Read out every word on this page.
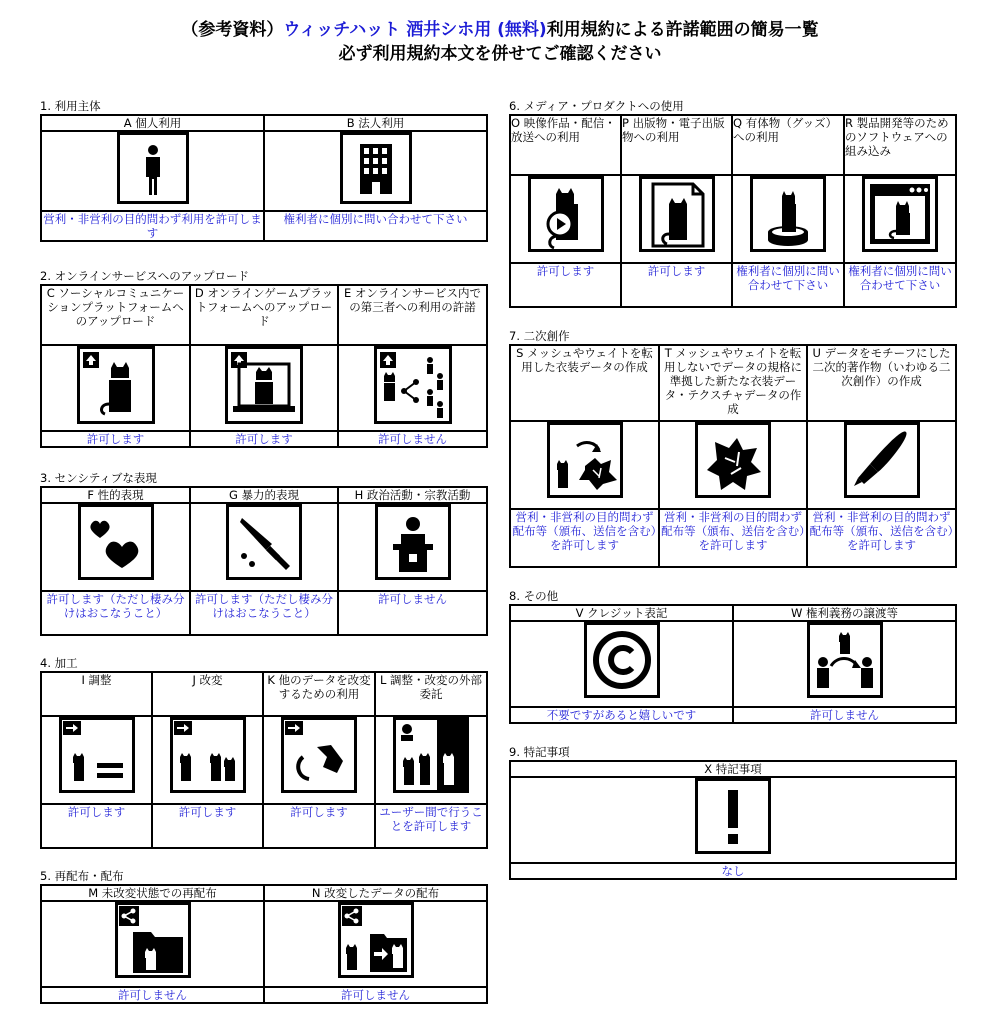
（参考資料）ウィッチハット 酒井シホ用 (無料)利用規約による許諾範囲の簡易一覧
必ず利用規約本文を併せてご確認ください
1. 利用主体
A 個人利用	B 法人利用

営利・非営利の目的問わず利用を許可します	権利者に個別に問い合わせて下さい
2. オンラインサービスへのアップロード
C ソーシャルコミュニケーションプラットフォームへのアップロード	D オンラインゲームプラットフォームへのアップロード	E オンラインサービス内での第三者への利用の許諾

許可します	許可します	許可しません
3. センシティブな表現
F 性的表現	G 暴力的表現	H 政治活動・宗教活動

許可します（ただし棲み分けはおこなうこと）	許可します（ただし棲み分けはおこなうこと）	許可しません
4. 加工
I 調整	J 改変	K 他のデータを改変するための利用	L 調整・改変の外部委託

許可します	許可します	許可します	ユーザー間で行うことを許可します
5. 再配布・配布
M 未改変状態での再配布	N 改変したデータの配布

許可しません	許可しません
6. メディア・プロダクトへの使用
O 映像作品・配信・放送への利用	P 出版物・電子出版物への利用	Q 有体物（グッズ）への利用	R 製品開発等のためのソフトウェアへの組み込み

許可します	許可します	権利者に個別に問い合わせて下さい	権利者に個別に問い合わせて下さい
7. 二次創作
S メッシュやウェイトを転用した衣装データの作成	T メッシュやウェイトを転用しないでデータの規格に準拠した新たな衣装データ・テクスチャデータの作成	U データをモチーフにした二次的著作物（いわゆる二次創作）の作成

営利・非営利の目的問わず配布等（頒布、送信を含む）を許可します	営利・非営利の目的問わず配布等（頒布、送信を含む）を許可します	営利・非営利の目的問わず配布等（頒布、送信を含む）を許可します
8. その他
V クレジット表記	W 権利義務の譲渡等

不要ですがあると嬉しいです	許可しません
9. 特記事項
X 特記事項

なし
